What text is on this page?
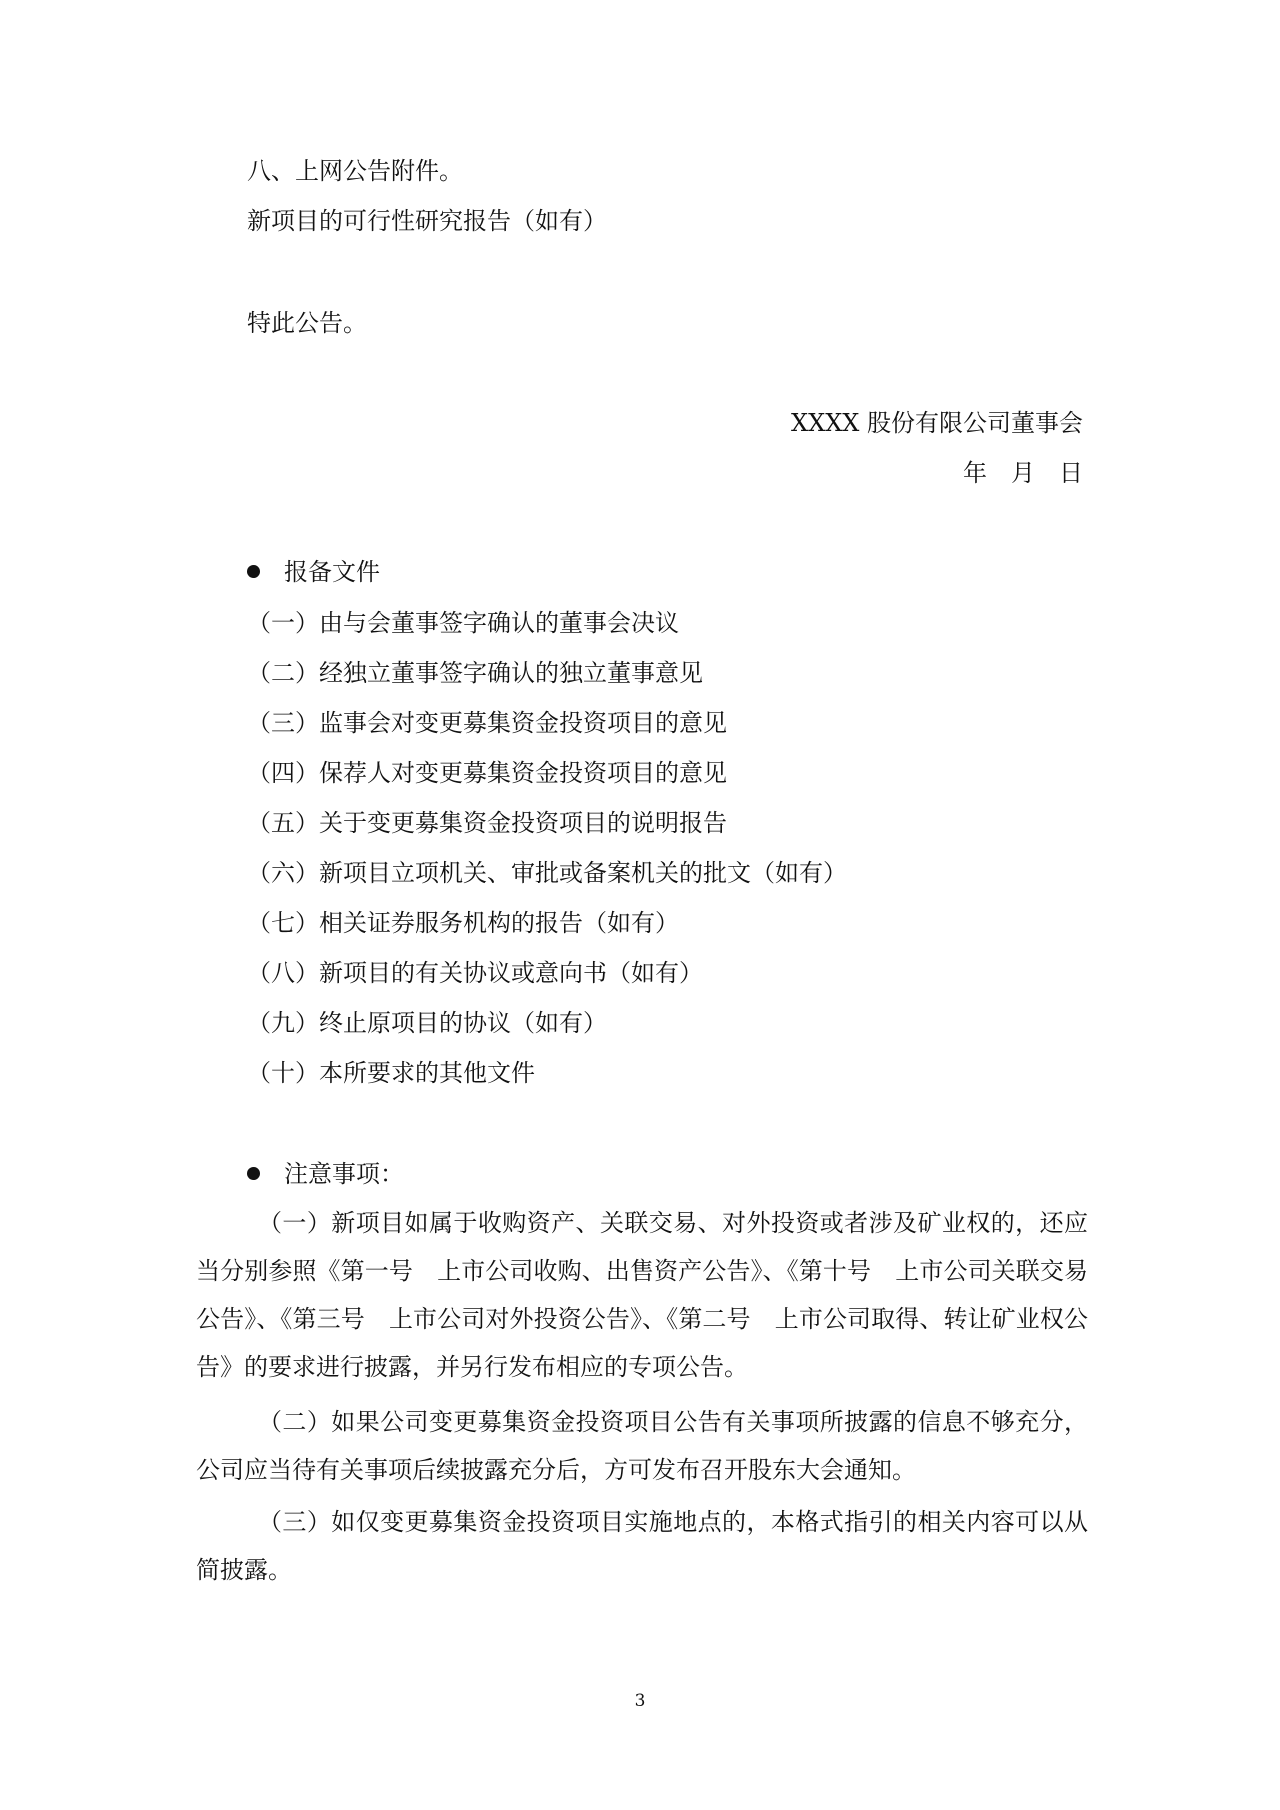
八、上网公告附件。
新项目的可行性研究报告（如有）
特此公告。
XXXX 股份有限公司董事会
年　月　日
报备文件
（一）由与会董事签字确认的董事会决议
（二）经独立董事签字确认的独立董事意见
（三）监事会对变更募集资金投资项目的意见
（四）保荐人对变更募集资金投资项目的意见
（五）关于变更募集资金投资项目的说明报告
（六）新项目立项机关、审批或备案机关的批文（如有）
（七）相关证券服务机构的报告（如有）
（八）新项目的有关协议或意向书（如有）
（九）终止原项目的协议（如有）
（十）本所要求的其他文件
注意事项：
（一）新项目如属于收购资产、关联交易、对外投资或者涉及矿业权的，还应当分别参照《第一号　上市公司收购、出售资产公告》、《第十号　上市公司关联交易公告》、《第三号　上市公司对外投资公告》、《第二号　上市公司取得、转让矿业权公告》的要求进行披露，并另行发布相应的专项公告。
（二）如果公司变更募集资金投资项目公告有关事项所披露的信息不够充分，公司应当待有关事项后续披露充分后，方可发布召开股东大会通知。
（三）如仅变更募集资金投资项目实施地点的，本格式指引的相关内容可以从简披露。
3
